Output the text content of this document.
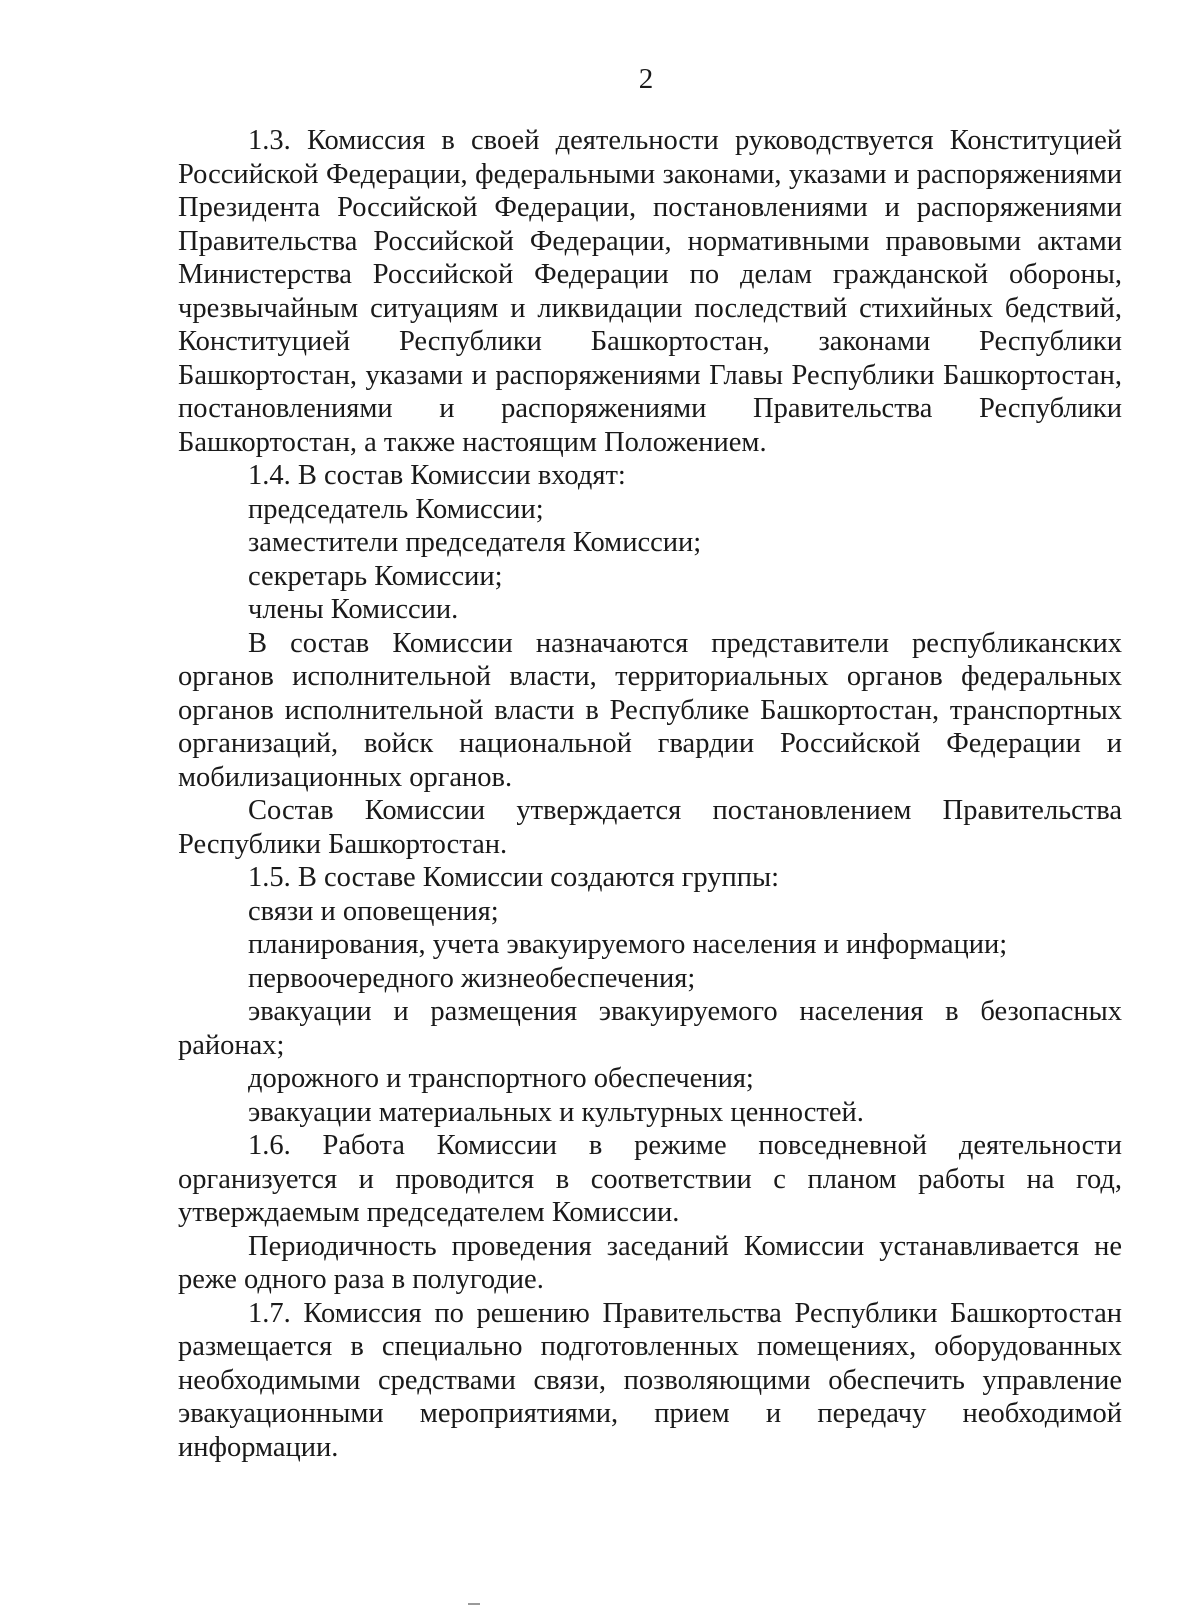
2

1.3. Комиссия в своей деятельности руководствуется Конституцией Российской Федерации, федеральными законами, указами и распоряжениями Президента Российской Федерации, постановлениями и распоряжениями Правительства Российской Федерации, нормативными правовыми актами Министерства Российской Федерации по делам гражданской обороны, чрезвычайным ситуациям и ликвидации последствий стихийных бедствий, Конституцией Республики Башкортостан, законами Республики Башкортостан, указами и распоряжениями Главы Республики Башкортостан, постановлениями и распоряжениями Правительства Республики Башкортостан, а также настоящим Положением.

1.4. В состав Комиссии входят:

председатель Комиссии;

заместители председателя Комиссии;

секретарь Комиссии;

члены Комиссии.

В состав Комиссии назначаются представители республиканских органов исполнительной власти, территориальных органов федеральных органов исполнительной власти в Республике Башкортостан, транспортных организаций, войск национальной гвардии Российской Федерации и мобилизационных органов.

Состав Комиссии утверждается постановлением Правительства Республики Башкортостан.

1.5. В составе Комиссии создаются группы:

связи и оповещения;

планирования, учета эвакуируемого населения и информации;

первоочередного жизнеобеспечения;

эвакуации и размещения эвакуируемого населения в безопасных районах;

дорожного и транспортного обеспечения;

эвакуации материальных и культурных ценностей.

1.6. Работа Комиссии в режиме повседневной деятельности организуется и проводится в соответствии с планом работы на год, утверждаемым председателем Комиссии.

Периодичность проведения заседаний Комиссии устанавливается не реже одного раза в полугодие.

1.7. Комиссия по решению Правительства Республики Башкортостан размещается в специально подготовленных помещениях, оборудованных необходимыми средствами связи, позволяющими обеспечить управление эвакуационными мероприятиями, прием и передачу необходимой информации.
